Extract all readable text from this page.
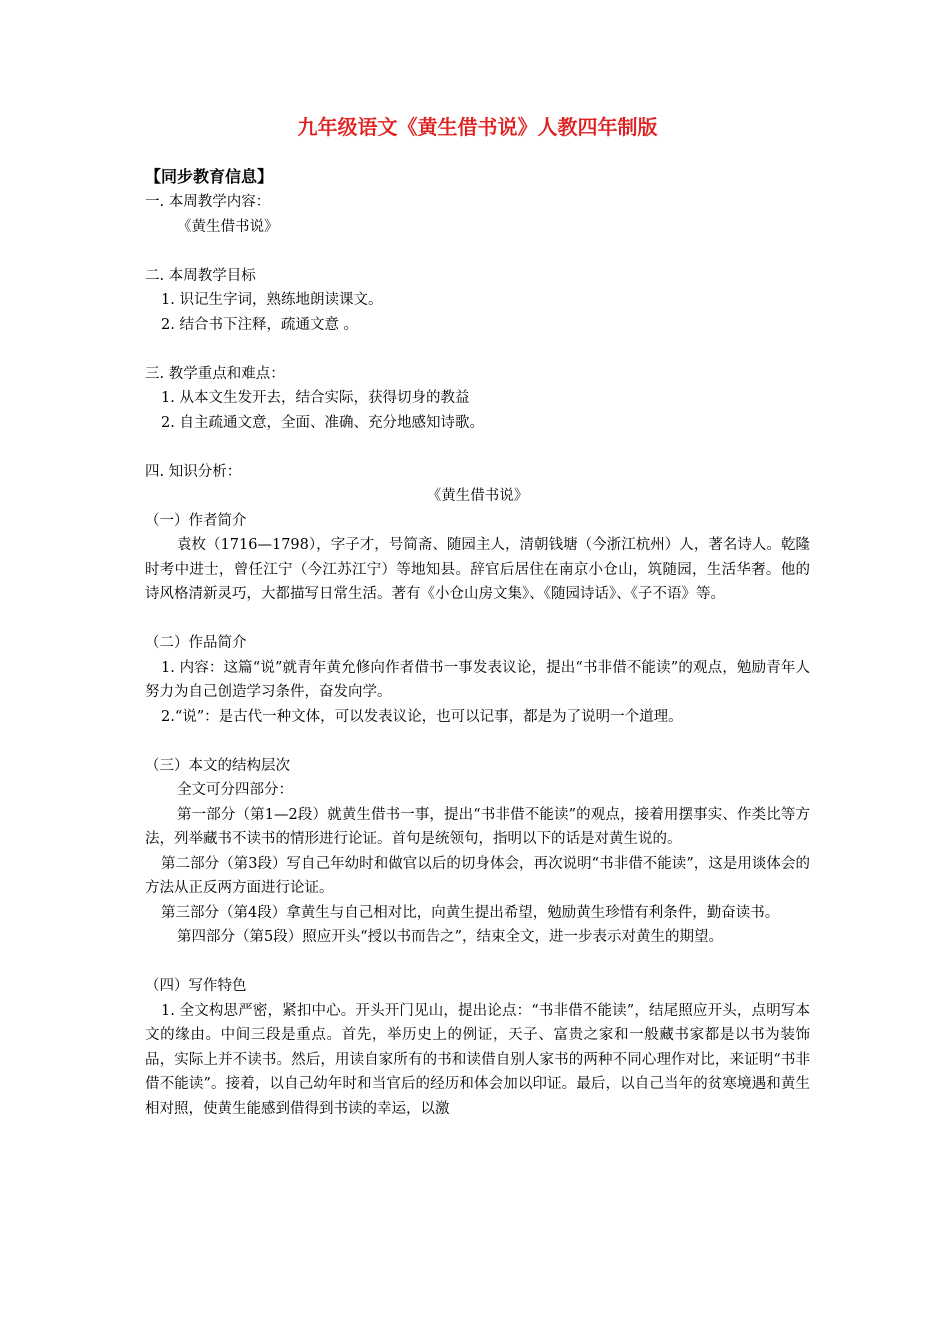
九年级语文《黄生借书说》人教四年制版
【同步教育信息】

一. 本周教学内容：

《黄生借书说》

二. 本周教学目标

1. 识记生字词，熟练地朗读课文。

2. 结合书下注释，疏通文意 。

三. 教学重点和难点：

1. 从本文生发开去，结合实际，获得切身的教益

2. 自主疏通文意，全面、准确、充分地感知诗歌。

四. 知识分析：

《黄生借书说》

（一）作者简介

袁枚（1716—1798），字子才，号简斋、随园主人，清朝钱塘（今浙江杭州）人，著名诗人。乾隆时考中进士，曾任江宁（今江苏江宁）等地知县。辞官后居住在南京小仓山，筑随园，生活华奢。他的诗风格清新灵巧，大都描写日常生活。著有《小仓山房文集》、《随园诗话》、《子不语》等。

（二）作品简介

1. 内容：这篇“说”就青年黄允修向作者借书一事发表议论，提出“书非借不能读”的观点，勉励青年人努力为自己创造学习条件，奋发向学。

2.“说”：是古代一种文体，可以发表议论，也可以记事，都是为了说明一个道理。

（三）本文的结构层次

全文可分四部分：

第一部分（第1—2段）就黄生借书一事，提出“书非借不能读”的观点，接着用摆事实、作类比等方法，列举藏书不读书的情形进行论证。首句是统领句，指明以下的话是对黄生说的。

第二部分（第3段）写自己年幼时和做官以后的切身体会，再次说明“书非借不能读”，这是用谈体会的方法从正反两方面进行论证。

第三部分（第4段）拿黄生与自己相对比，向黄生提出希望，勉励黄生珍惜有利条件，勤奋读书。

第四部分（第5段）照应开头“授以书而告之”，结束全文，进一步表示对黄生的期望。

（四）写作特色

1. 全文构思严密，紧扣中心。开头开门见山，提出论点：“书非借不能读”，结尾照应开头，点明写本文的缘由。中间三段是重点。首先，举历史上的例证，天子、富贵之家和一般藏书家都是以书为装饰品，实际上并不读书。然后，用读自家所有的书和读借自别人家书的两种不同心理作对比，来证明“书非借不能读”。接着，以自己幼年时和当官后的经历和体会加以印证。最后，以自己当年的贫寒境遇和黄生相对照，使黄生能感到借得到书读的幸运，以激
